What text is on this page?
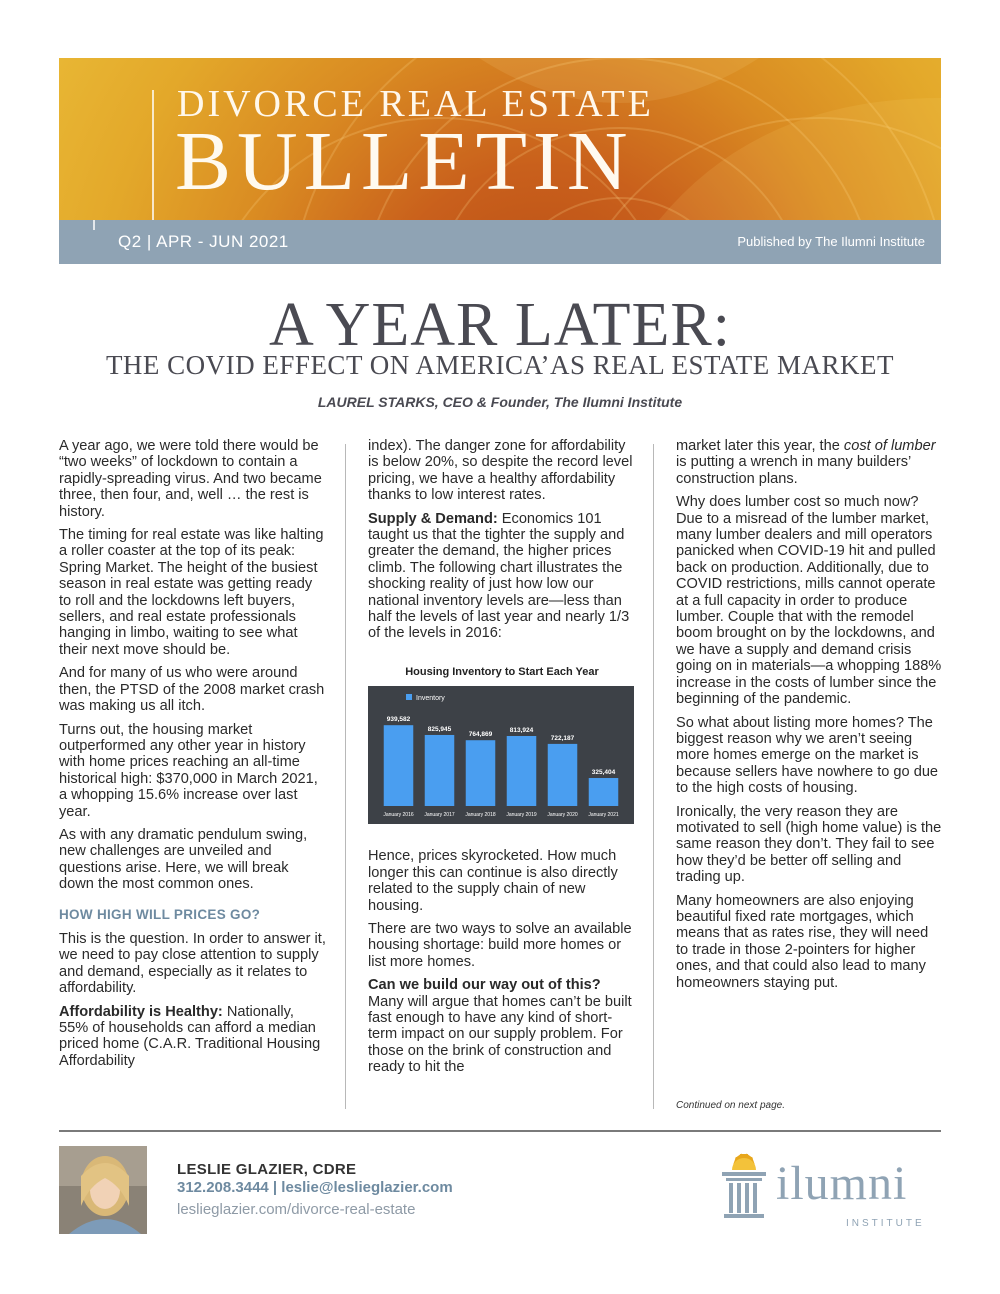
DIVORCE REAL ESTATE
BULLETIN
Q2 | APR - JUN 2021	Published by The Ilumni Institute
A YEAR LATER:
THE COVID EFFECT ON AMERICA’AS REAL ESTATE MARKET
LAUREL STARKS, CEO & Founder, The Ilumni Institute

A year ago, we were told there would be “two weeks” of lockdown to contain a rapidly-spreading virus. And two became three, then four, and, well … the rest is history.

The timing for real estate was like halting a roller coaster at the top of its peak: Spring Market. The height of the busiest season in real estate was getting ready to roll and the lockdowns left buyers, sellers, and real estate professionals hanging in limbo, waiting to see what their next move should be.

And for many of us who were around then, the PTSD of the 2008 market crash was making us all itch.

Turns out, the housing market outperformed any other year in history with home prices reaching an all-time historical high: $370,000 in March 2021, a whopping 15.6% increase over last year.

As with any dramatic pendulum swing, new challenges are unveiled and questions arise. Here, we will break down the most common ones.

HOW HIGH WILL PRICES GO?

This is the question. In order to answer it, we need to pay close attention to supply and demand, especially as it relates to affordability.

Affordability is Healthy: Nationally, 55% of households can afford a median priced home (C.A.R. Traditional Housing Affordability

index). The danger zone for affordability is below 20%, so despite the record level pricing, we have a healthy affordability thanks to low interest rates.

Supply & Demand: Economics 101 taught us that the tighter the supply and greater the demand, the higher prices climb. The following chart illustrates the shocking reality of just how low our national inventory levels are—less than half the levels of last year and nearly 1/3 of the levels in 2016:

Housing Inventory to Start Each Year
Inventory
939,582
January 2016
825,945
January 2017
764,869
January 2018
813,924
January 2019
722,187
January 2020
325,404
January 2021

Hence, prices skyrocketed. How much longer this can continue is also directly related to the supply chain of new housing.

There are two ways to solve an available housing shortage: build more homes or list more homes.

Can we build our way out of this?

Many will argue that homes can’t be built fast enough to have any kind of short-term impact on our supply problem. For those on the brink of construction and ready to hit the

market later this year, the cost of lumber is putting a wrench in many builders’ construction plans.

Why does lumber cost so much now? Due to a misread of the lumber market, many lumber dealers and mill operators panicked when COVID-19 hit and pulled back on production. Additionally, due to COVID restrictions, mills cannot operate at a full capacity in order to produce lumber. Couple that with the remodel boom brought on by the lockdowns, and we have a supply and demand crisis going on in materials—a whopping 188% increase in the costs of lumber since the beginning of the pandemic.

So what about listing more homes? The biggest reason why we aren’t seeing more homes emerge on the market is because sellers have nowhere to go due to the high costs of housing.

Ironically, the very reason they are motivated to sell (high home value) is the same reason they don’t. They fail to see how they’d be better off selling and trading up.

Many homeowners are also enjoying beautiful fixed rate mortgages, which means that as rates rise, they will need to trade in those 2-pointers for higher ones, and that could also lead to many homeowners staying put.

Continued on next page.
LESLIE GLAZIER, CDRE
312.208.3444 | leslie@leslieglazier.com
leslieglazier.com/divorce-real-estate	ilumni
INSTITUTE
